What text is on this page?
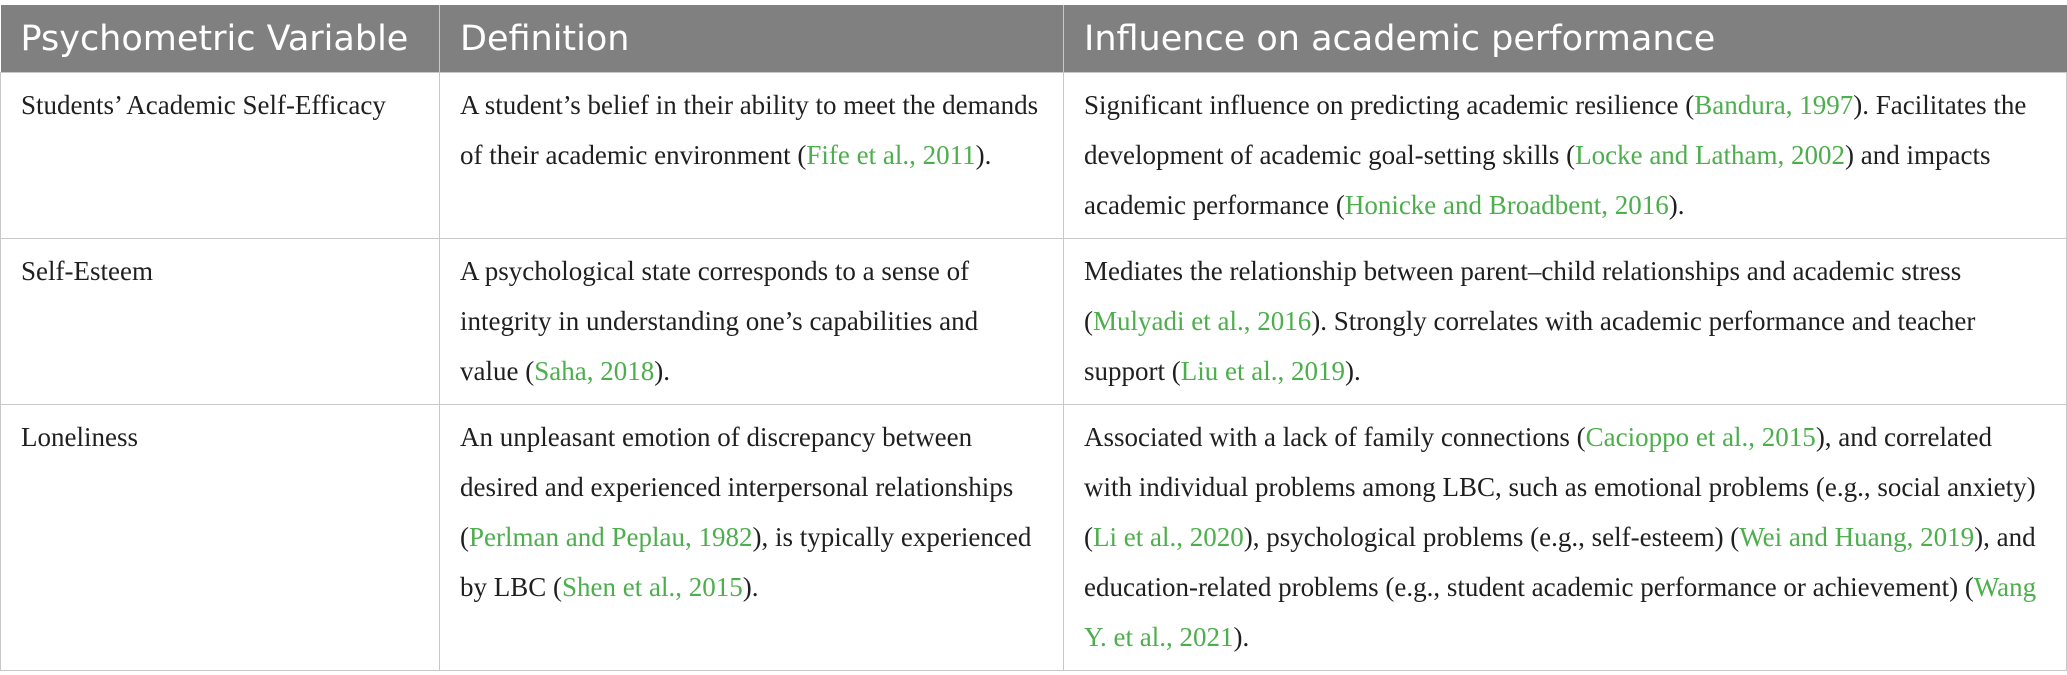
Psychometric Variable	Definition	Influence on academic performance
Students’ Academic Self-Efficacy	A student’s belief in their ability to meet the demands of their academic environment (Fife et al., 2011).	Significant influence on predicting academic resilience (Bandura, 1997). Facilitates the development of academic goal-setting skills (Locke and Latham, 2002) and impacts academic performance (Honicke and Broadbent, 2016).
Self-Esteem	A psychological state corresponds to a sense of integrity in understanding one’s capabilities and value (Saha, 2018).	Mediates the relationship between parent–child relationships and academic stress (Mulyadi et al., 2016). Strongly correlates with academic performance and teacher support (Liu et al., 2019).
Loneliness	An unpleasant emotion of discrepancy between desired and experienced interpersonal relationships (Perlman and Peplau, 1982), is typically experienced by LBC (Shen et al., 2015).	Associated with a lack of family connections (Cacioppo et al., 2015), and correlated with individual problems among LBC, such as emotional problems (e.g., social anxiety) (Li et al., 2020), psychological problems (e.g., self-esteem) (Wei and Huang, 2019), and education-related problems (e.g., student academic performance or achievement) (Wang Y. et al., 2021).
